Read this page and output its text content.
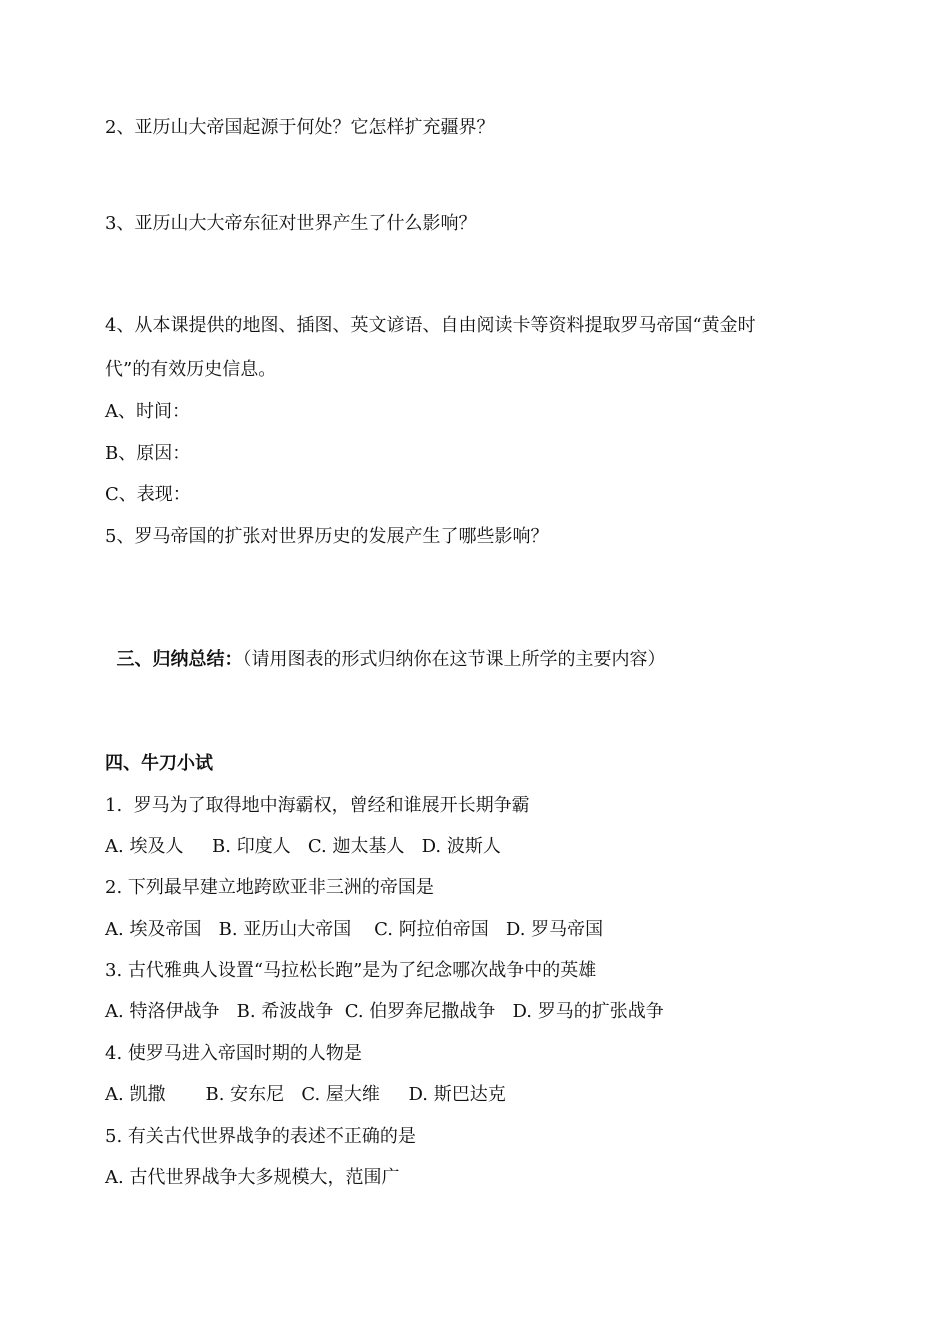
2、亚历山大帝国起源于何处？它怎样扩充疆界？
3、亚历山大大帝东征对世界产生了什么影响？
4、从本课提供的地图、插图、英文谚语、自由阅读卡等资料提取罗马帝国“黄金时
代”的有效历史信息。
A、时间：
B、原因：
C、表现：
5、罗马帝国的扩张对世界历史的发展产生了哪些影响？

三、归纳总结：（请用图表的形式归纳你在这节课上所学的主要内容）

四、牛刀小试
1.  罗马为了取得地中海霸权，曾经和谁展开长期争霸
A. 埃及人     B. 印度人   C. 迦太基人   D. 波斯人
2. 下列最早建立地跨欧亚非三洲的帝国是
A. 埃及帝国   B. 亚历山大帝国    C. 阿拉伯帝国   D. 罗马帝国
3. 古代雅典人设置“马拉松长跑”是为了纪念哪次战争中的英雄
A. 特洛伊战争   B. 希波战争  C. 伯罗奔尼撒战争   D. 罗马的扩张战争
4. 使罗马进入帝国时期的人物是
A. 凯撒       B. 安东尼   C. 屋大维     D. 斯巴达克
5. 有关古代世界战争的表述不正确的是
A. 古代世界战争大多规模大，范围广
